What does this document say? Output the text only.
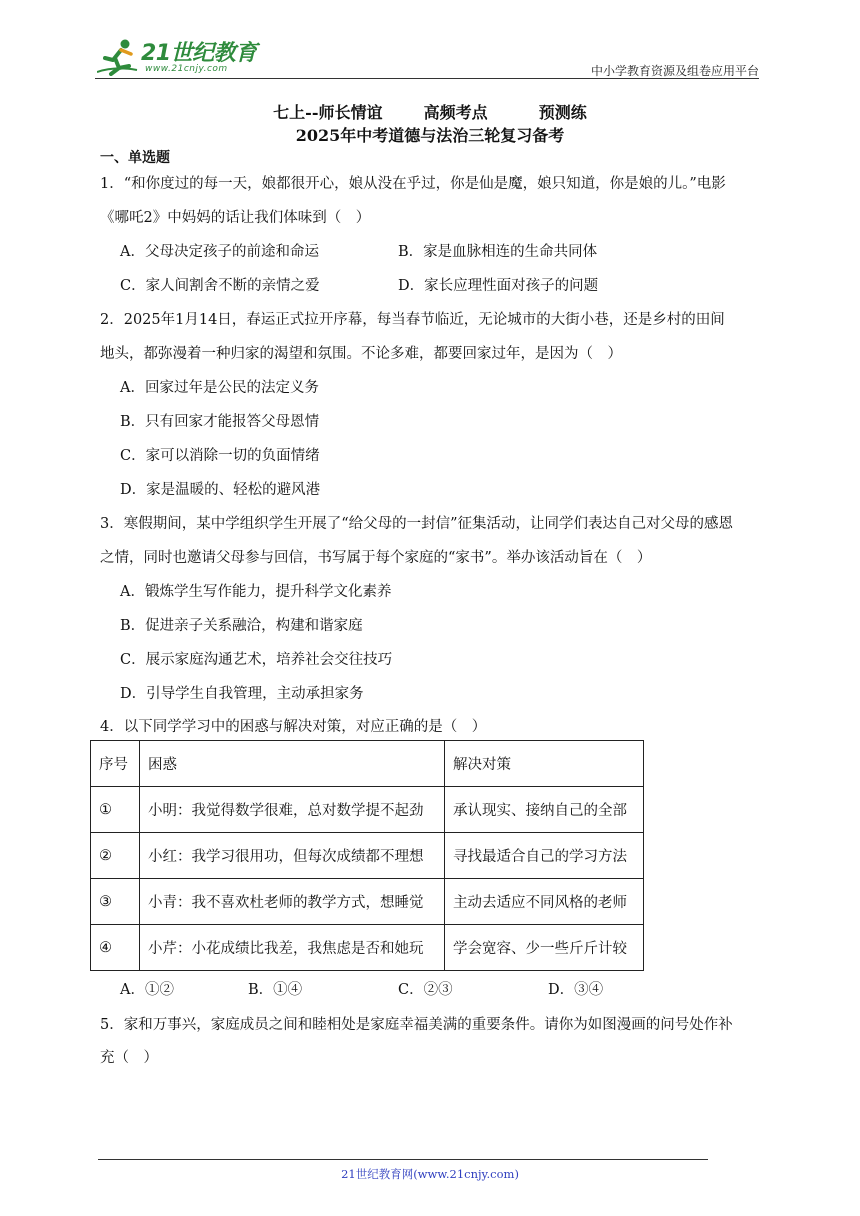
21世纪教育
www.21cnjy.com	中小学教育资源及组卷应用平台
七上--师长情谊	高频考点	预测练
2025年中考道德与法治三轮复习备考
一、单选题
1．“和你度过的每一天，娘都很开心，娘从没在乎过，你是仙是魔，娘只知道，你是娘的儿。”电影
《哪吒2》中妈妈的话让我们体味到（　）
A．父母决定孩子的前途和命运	B．家是血脉相连的生命共同体
C．家人间割舍不断的亲情之爱	D．家长应理性面对孩子的问题
2．2025年1月14日，春运正式拉开序幕，每当春节临近，无论城市的大街小巷，还是乡村的田间
地头，都弥漫着一种归家的渴望和氛围。不论多难，都要回家过年，是因为（　）
A．回家过年是公民的法定义务
B．只有回家才能报答父母恩情
C．家可以消除一切的负面情绪
D．家是温暖的、轻松的避风港
3．寒假期间，某中学组织学生开展了“给父母的一封信”征集活动，让同学们表达自己对父母的感恩
之情，同时也邀请父母参与回信，书写属于每个家庭的“家书”。举办该活动旨在（　）
A．锻炼学生写作能力，提升科学文化素养
B．促进亲子关系融洽，构建和谐家庭
C．展示家庭沟通艺术，培养社会交往技巧
D．引导学生自我管理，主动承担家务
4．以下同学学习中的困惑与解决对策，对应正确的是（　）
序号	困惑	解决对策
①	小明：我觉得数学很难，总对数学提不起劲	承认现实、接纳自己的全部
②	小红：我学习很用功，但每次成绩都不理想	寻找最适合自己的学习方法
③	小青：我不喜欢杜老师的教学方式，想睡觉	主动去适应不同风格的老师
④	小芹：小花成绩比我差，我焦虑是否和她玩	学会宽容、少一些斤斤计较
A．①②	B．①④	C．②③	D．③④
5．家和万事兴，家庭成员之间和睦相处是家庭幸福美满的重要条件。请你为如图漫画的问号处作补
充（　）
21世纪教育网(www.21cnjy.com)
